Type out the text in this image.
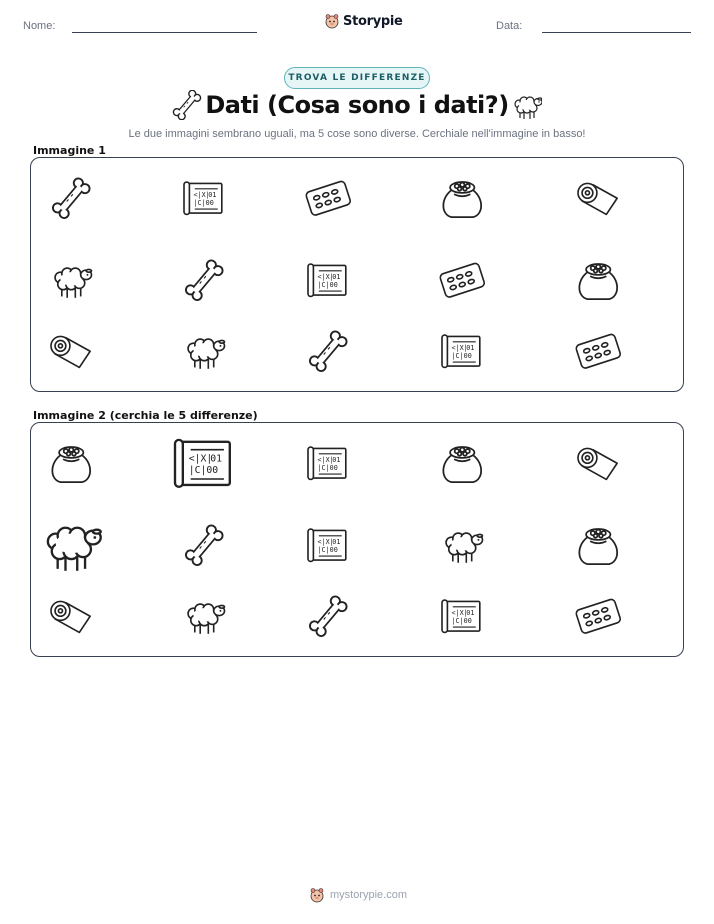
Nome:	Storypie	Data:
TROVA LE DIFFERENZE
Dati (Cosa sono i dati?)
Le due immagini sembrano uguali, ma 5 cose sono diverse. Cerchiale nell'immagine in basso!
Immagine 1
Immagine 2 (cerchia le 5 differenze)
mystorypie.com
